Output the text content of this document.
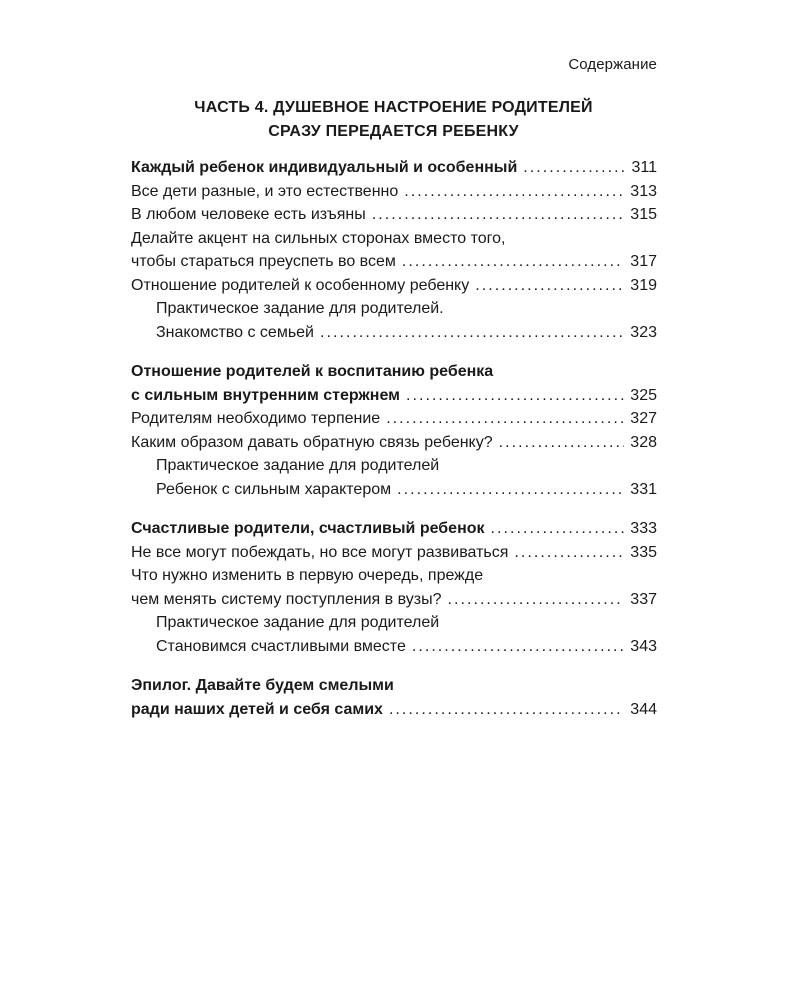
Содержание
ЧАСТЬ 4. ДУШЕВНОЕ НАСТРОЕНИЕ РОДИТЕЛЕЙ
СРАЗУ ПЕРЕДАЕТСЯ РЕБЕНКУ
Каждый ребенок индивидуальный и особенный . . .	311
Все дети разные, и это естественно . . .	313
В любом человеке есть изъяны . . .	315
Делайте акцент на сильных сторонах вместо того,
чтобы стараться преуспеть во всем . . .	317
Отношение родителей к особенному ребенку . . .	319
Практическое задание для родителей.
Знакомство с семьей . . .	323
Отношение родителей к воспитанию ребенка
с сильным внутренним стержнем . . .	325
Родителям необходимо терпение . . .	327
Каким образом давать обратную связь ребенку? . . .	328
Практическое задание для родителей
Ребенок с сильным характером . . .	331
Счастливые родители, счастливый ребенок . . .	333
Не все могут побеждать, но все могут развиваться . . .	335
Что нужно изменить в первую очередь, прежде
чем менять систему поступления в вузы? . . .	337
Практическое задание для родителей
Становимся счастливыми вместе . . .	343
Эпилог. Давайте будем смелыми
ради наших детей и себя самих . . .	344
